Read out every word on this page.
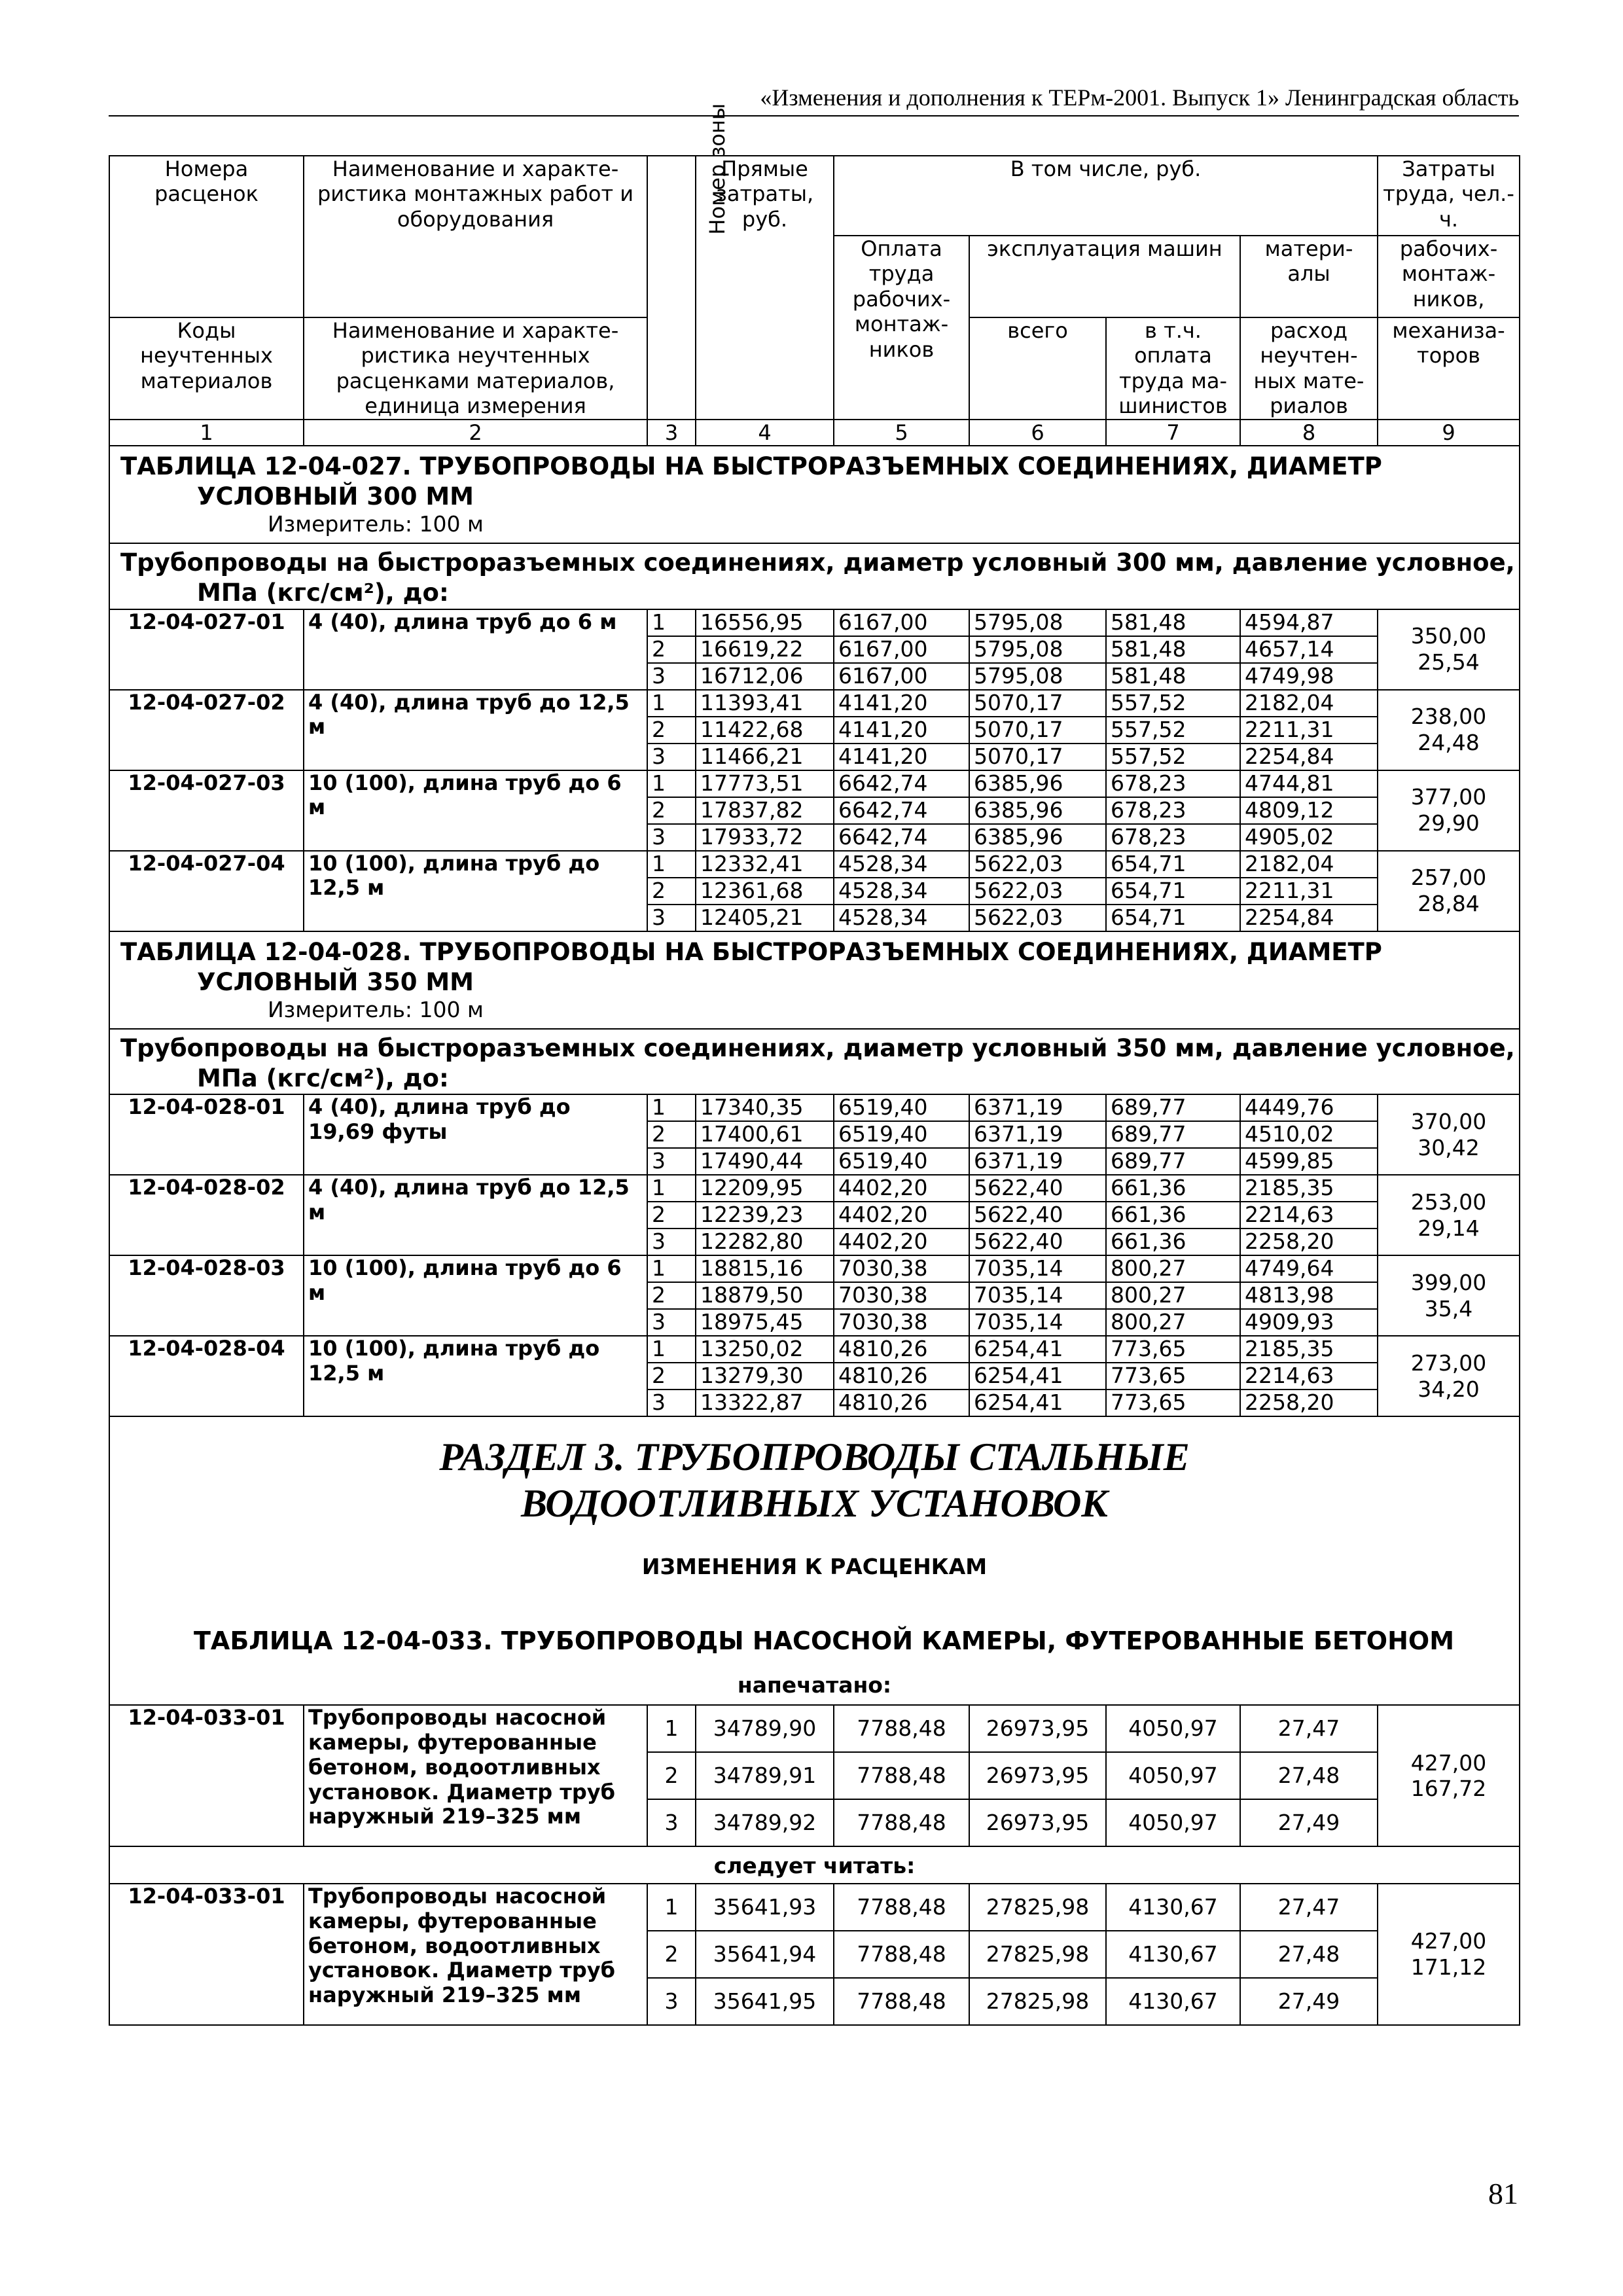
«Изменения и дополнения к ТЕРм-2001. Выпуск 1» Ленинградская область
Номера расценок	Наименование и характе-ристика монтажных работ и оборудования	Номер зоны	Прямые затраты, руб.	В том числе, руб.				Затраты труда, чел.-ч.
				Оплата труда рабочих-монтаж-ников	эксплуатация машин		матери-алы	рабочих-монтаж-ников,
Коды неучтенных материалов	Наименование и характе-ристика неучтенных расценками материалов, единица измерения				всего	в т.ч. оплата труда ма-шинистов	расход неучтен-ных мате-риалов	механиза-торов

1	2	3	4	5	6	7	8	9

ТАБЛИЦА 12-04-027. ТРУБОПРОВОДЫ НА БЫСТРОРАЗЪЕМНЫХ СОЕДИНЕНИЯХ, ДИАМЕТР УСЛОВНЫЙ 300 ММ
Измеритель: 100 м								

Трубопроводы на быстроразъемных соединениях, диаметр условный 300 мм, давление условное, МПа (кгс/см²), до:								

12-04-027-01	4 (40), длина труб до 6 м	1	16556,95	6167,00	5795,08	581,48	4594,87	350,00
25,54

		2	16619,22	6167,00	5795,08	581,48	4657,14	
		3	16712,06	6167,00	5795,08	581,48	4749,98	
12-04-027-02	4 (40), длина труб до 12,5 м	1	11393,41	4141,20	5070,17	557,52	2182,04	238,00
24,48

		2	11422,68	4141,20	5070,17	557,52	2211,31	
		3	11466,21	4141,20	5070,17	557,52	2254,84	
12-04-027-03	10 (100), длина труб до 6 м	1	17773,51	6642,74	6385,96	678,23	4744,81	377,00
29,90

		2	17837,82	6642,74	6385,96	678,23	4809,12	
		3	17933,72	6642,74	6385,96	678,23	4905,02	
12-04-027-04	10 (100), длина труб до 12,5 м	1	12332,41	4528,34	5622,03	654,71	2182,04	257,00
28,84

		2	12361,68	4528,34	5622,03	654,71	2211,31	
		3	12405,21	4528,34	5622,03	654,71	2254,84	

ТАБЛИЦА 12-04-028. ТРУБОПРОВОДЫ НА БЫСТРОРАЗЪЕМНЫХ СОЕДИНЕНИЯХ, ДИАМЕТР УСЛОВНЫЙ 350 ММ
Измеритель: 100 м								

Трубопроводы на быстроразъемных соединениях, диаметр условный 350 мм, давление условное, МПа (кгс/см²), до:								

12-04-028-01	4 (40), длина труб до 19,69 футы	1	17340,35	6519,40	6371,19	689,77	4449,76	370,00
30,42

		2	17400,61	6519,40	6371,19	689,77	4510,02	
		3	17490,44	6519,40	6371,19	689,77	4599,85	
12-04-028-02	4 (40), длина труб до 12,5 м	1	12209,95	4402,20	5622,40	661,36	2185,35	253,00
29,14

		2	12239,23	4402,20	5622,40	661,36	2214,63	
		3	12282,80	4402,20	5622,40	661,36	2258,20	
12-04-028-03	10 (100), длина труб до 6 м	1	18815,16	7030,38	7035,14	800,27	4749,64	399,00
35,4

		2	18879,50	7030,38	7035,14	800,27	4813,98	
		3	18975,45	7030,38	7035,14	800,27	4909,93	
12-04-028-04	10 (100), длина труб до 12,5 м	1	13250,02	4810,26	6254,41	773,65	2185,35	273,00
34,20

		2	13279,30	4810,26	6254,41	773,65	2214,63	
		3	13322,87	4810,26	6254,41	773,65	2258,20	

РАЗДЕЛ 3. ТРУБОПРОВОДЫ СТАЛЬНЫЕ
ВОДООТЛИВНЫХ УСТАНОВОК
ИЗМЕНЕНИЯ К РАСЦЕНКАМ
ТАБЛИЦА 12-04-033. ТРУБОПРОВОДЫ НАСОСНОЙ КАМЕРЫ, ФУТЕРОВАННЫЕ БЕТОНОМ
напечатано:								

12-04-033-01	Трубопроводы насосной камеры, футерованные бетоном, водоотливных установок. Диаметр труб наружный 219–325 мм	1	34789,90	7788,48	26973,95	4050,97	27,47	427,00
167,72

		2	34789,91	7788,48	26973,95	4050,97	27,48	
		3	34789,92	7788,48	26973,95	4050,97	27,49	
следует читать:								
12-04-033-01	Трубопроводы насосной камеры, футерованные бетоном, водоотливных установок. Диаметр труб наружный 219–325 мм	1	35641,93	7788,48	27825,98	4130,67	27,47	427,00
171,12

		2	35641,94	7788,48	27825,98	4130,67	27,48	
		3	35641,95	7788,48	27825,98	4130,67	27,49	
81
